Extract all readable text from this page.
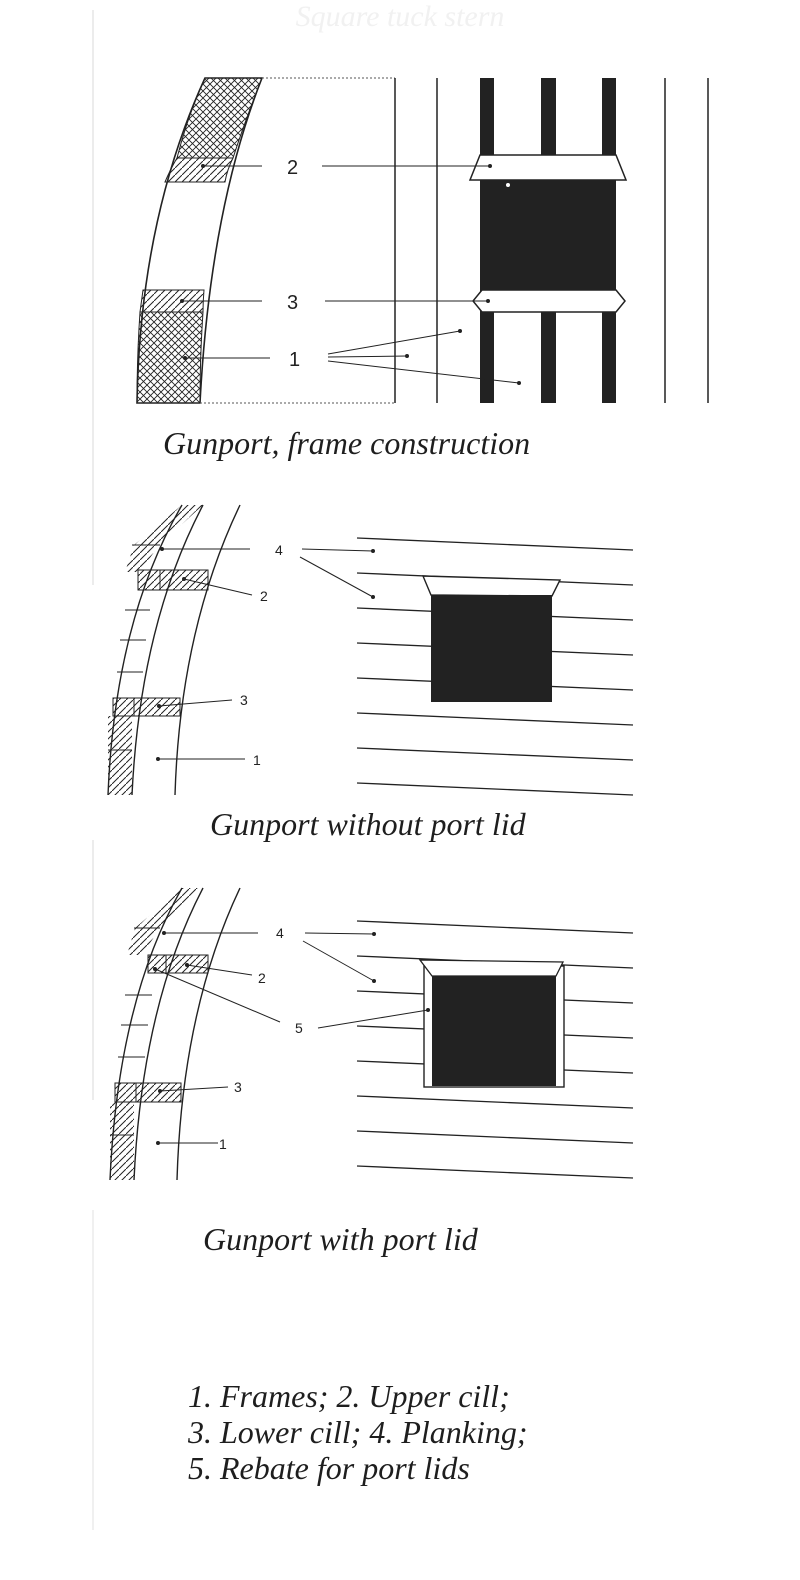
Square tuck stern
2
3
1
4
2
3
1
4
2
5
3
1
Gunport, frame construction
Gunport without port lid
Gunport with port lid
1. Frames; 2. Upper cill;
3. Lower cill; 4. Planking;
5. Rebate for port lids
